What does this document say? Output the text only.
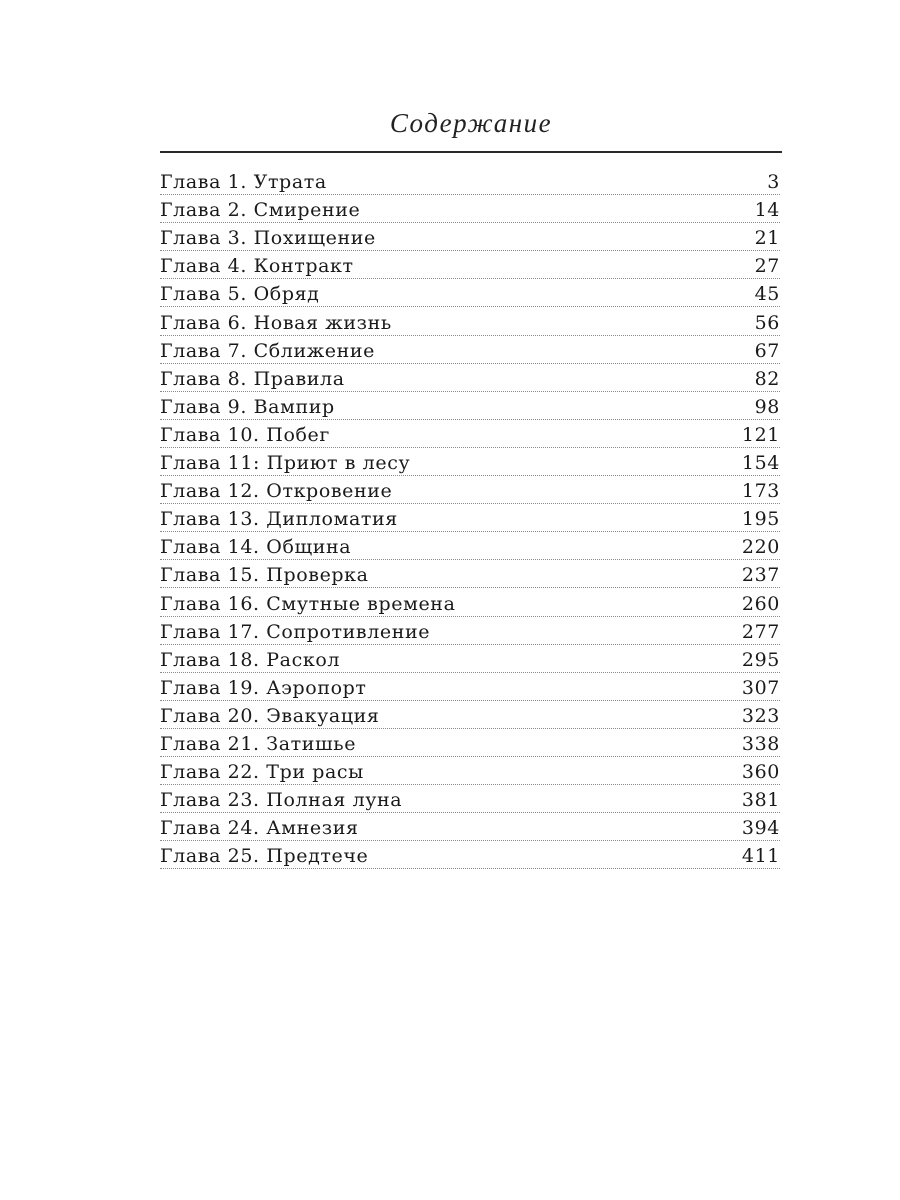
Содержание
Глава 1. Утрата	3
Глава 2. Смирение	14
Глава 3. Похищение	21
Глава 4. Контракт	27
Глава 5. Обряд	45
Глава 6. Новая жизнь	56
Глава 7. Сближение	67
Глава 8. Правила	82
Глава 9. Вампир	98
Глава 10. Побег	121
Глава 11: Приют в лесу	154
Глава 12. Откровение	173
Глава 13. Дипломатия	195
Глава 14. Община	220
Глава 15. Проверка	237
Глава 16. Смутные времена	260
Глава 17. Сопротивление	277
Глава 18. Раскол	295
Глава 19. Аэропорт	307
Глава 20. Эвакуация	323
Глава 21. Затишье	338
Глава 22. Три расы	360
Глава 23. Полная луна	381
Глава 24. Амнезия	394
Глава 25. Предтече	411
